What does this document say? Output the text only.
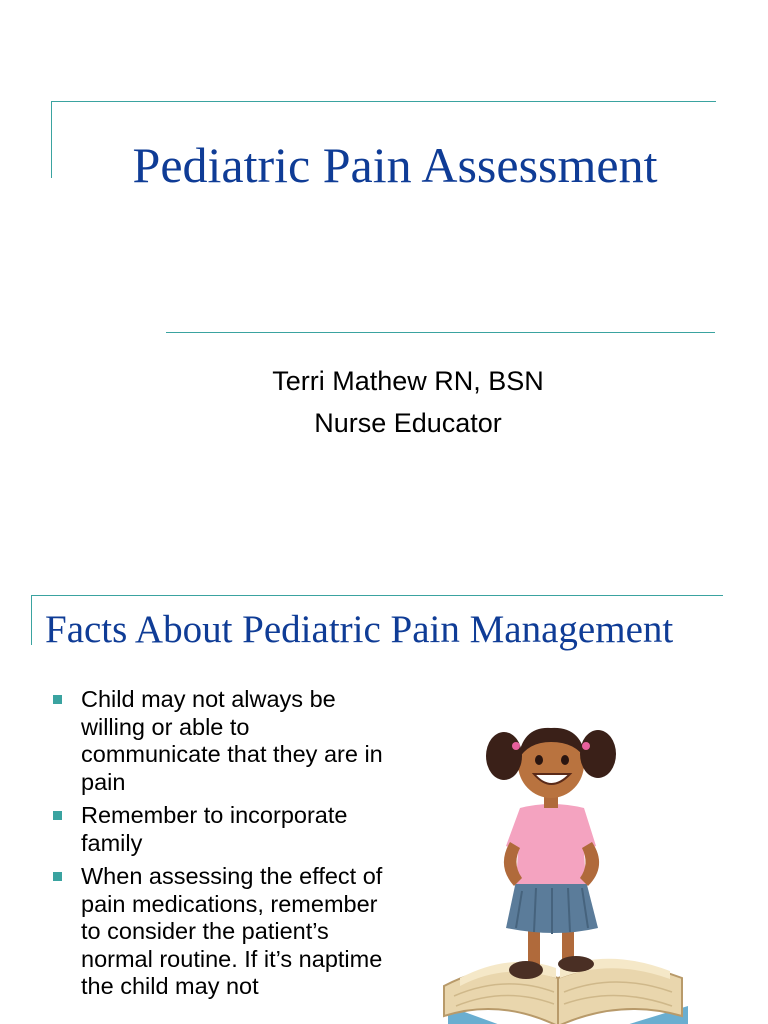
Pediatric Pain Assessment
Terri Mathew RN, BSN
Nurse Educator
Facts About Pediatric Pain Management
Child may not always be willing or able to communicate that they are in pain
Remember to incorporate family
When assessing the effect of pain medications, remember to consider the patient’s normal routine. If it’s naptime the child may not
